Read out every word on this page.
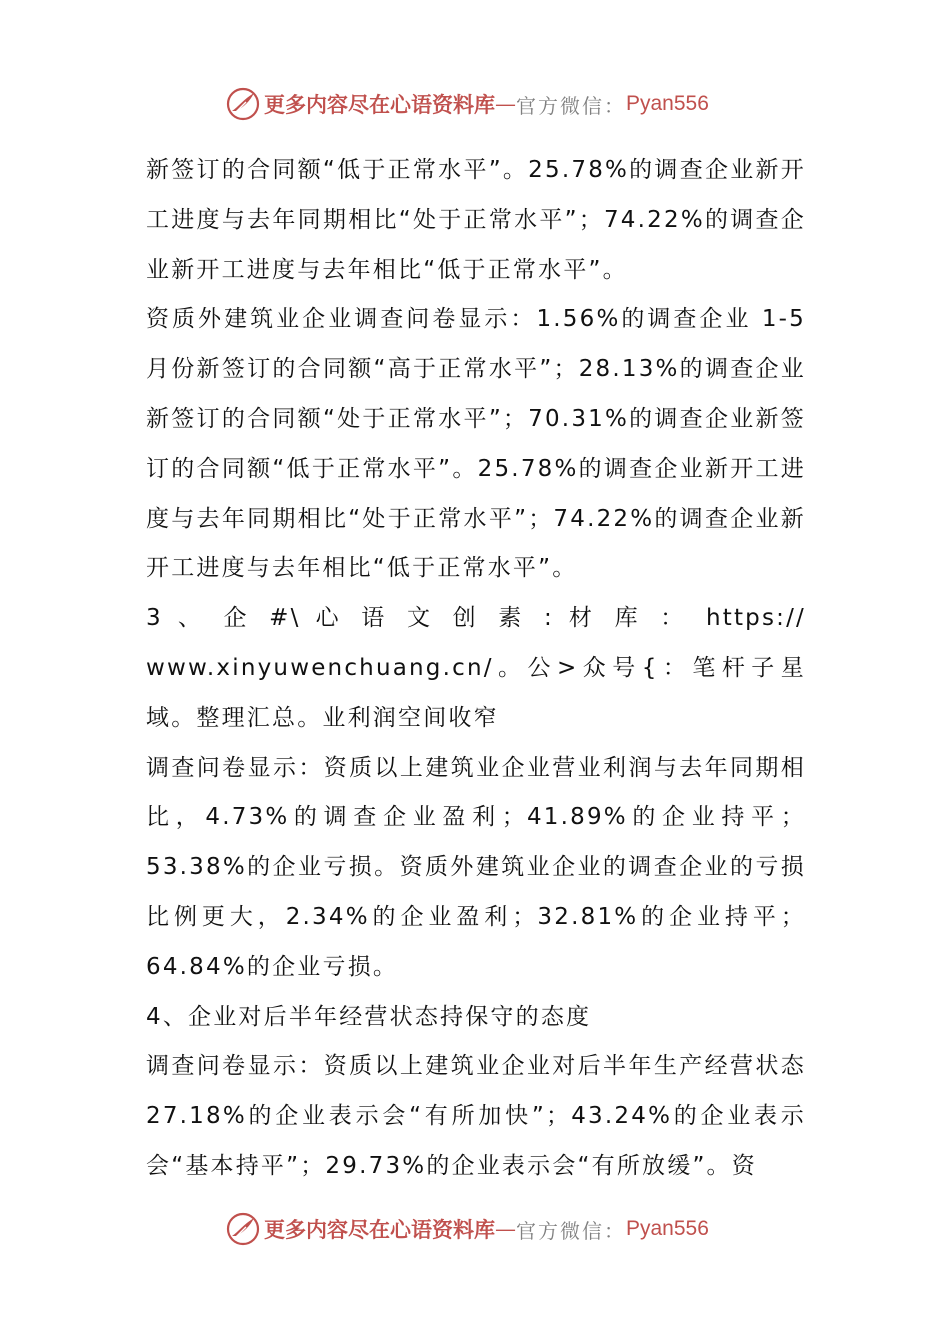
更多内容尽在心语资料库 — 官方微信： Pyan556

新签订的合同额“低于正常水平”。25.78%的调查企业新开工进度与去年同期相比“处于正常水平”；74.22%的调查企业新开工进度与去年相比“低于正常水平”。

资质外建筑业企业调查问卷显示：1.56%的调查企业 1-5 月份新签订的合同额“高于正常水平”；28.13%的调查企业新签订的合同额“处于正常水平”；70.31%的调查企业新签订的合同额“低于正常水平”。25.78%的调查企业新开工进度与去年同期相比“处于正常水平”；74.22%的调查企业新开工进度与去年相比“低于正常水平”。

3 、 企 #\ 心 语 文 创 素 : 材 库 ： https://

www.xinyuwenchuang.cn/。公>众号{：笔杆子星域。整理汇总。业利润空间收窄

调查问卷显示：资质以上建筑业企业营业利润与去年同期相比，4.73%的调查企业盈利；41.89%的企业持平；53.38%的企业亏损。资质外建筑业企业的调查企业的亏损比例更大，2.34%的企业盈利；32.81%的企业持平；64.84%的企业亏损。

4、企业对后半年经营状态持保守的态度

调查问卷显示：资质以上建筑业企业对后半年生产经营状态 27.18%的企业表示会“有所加快”；43.24%的企业表示会“基本持平”；29.73%的企业表示会“有所放缓”。资

更多内容尽在心语资料库 — 官方微信： Pyan556
